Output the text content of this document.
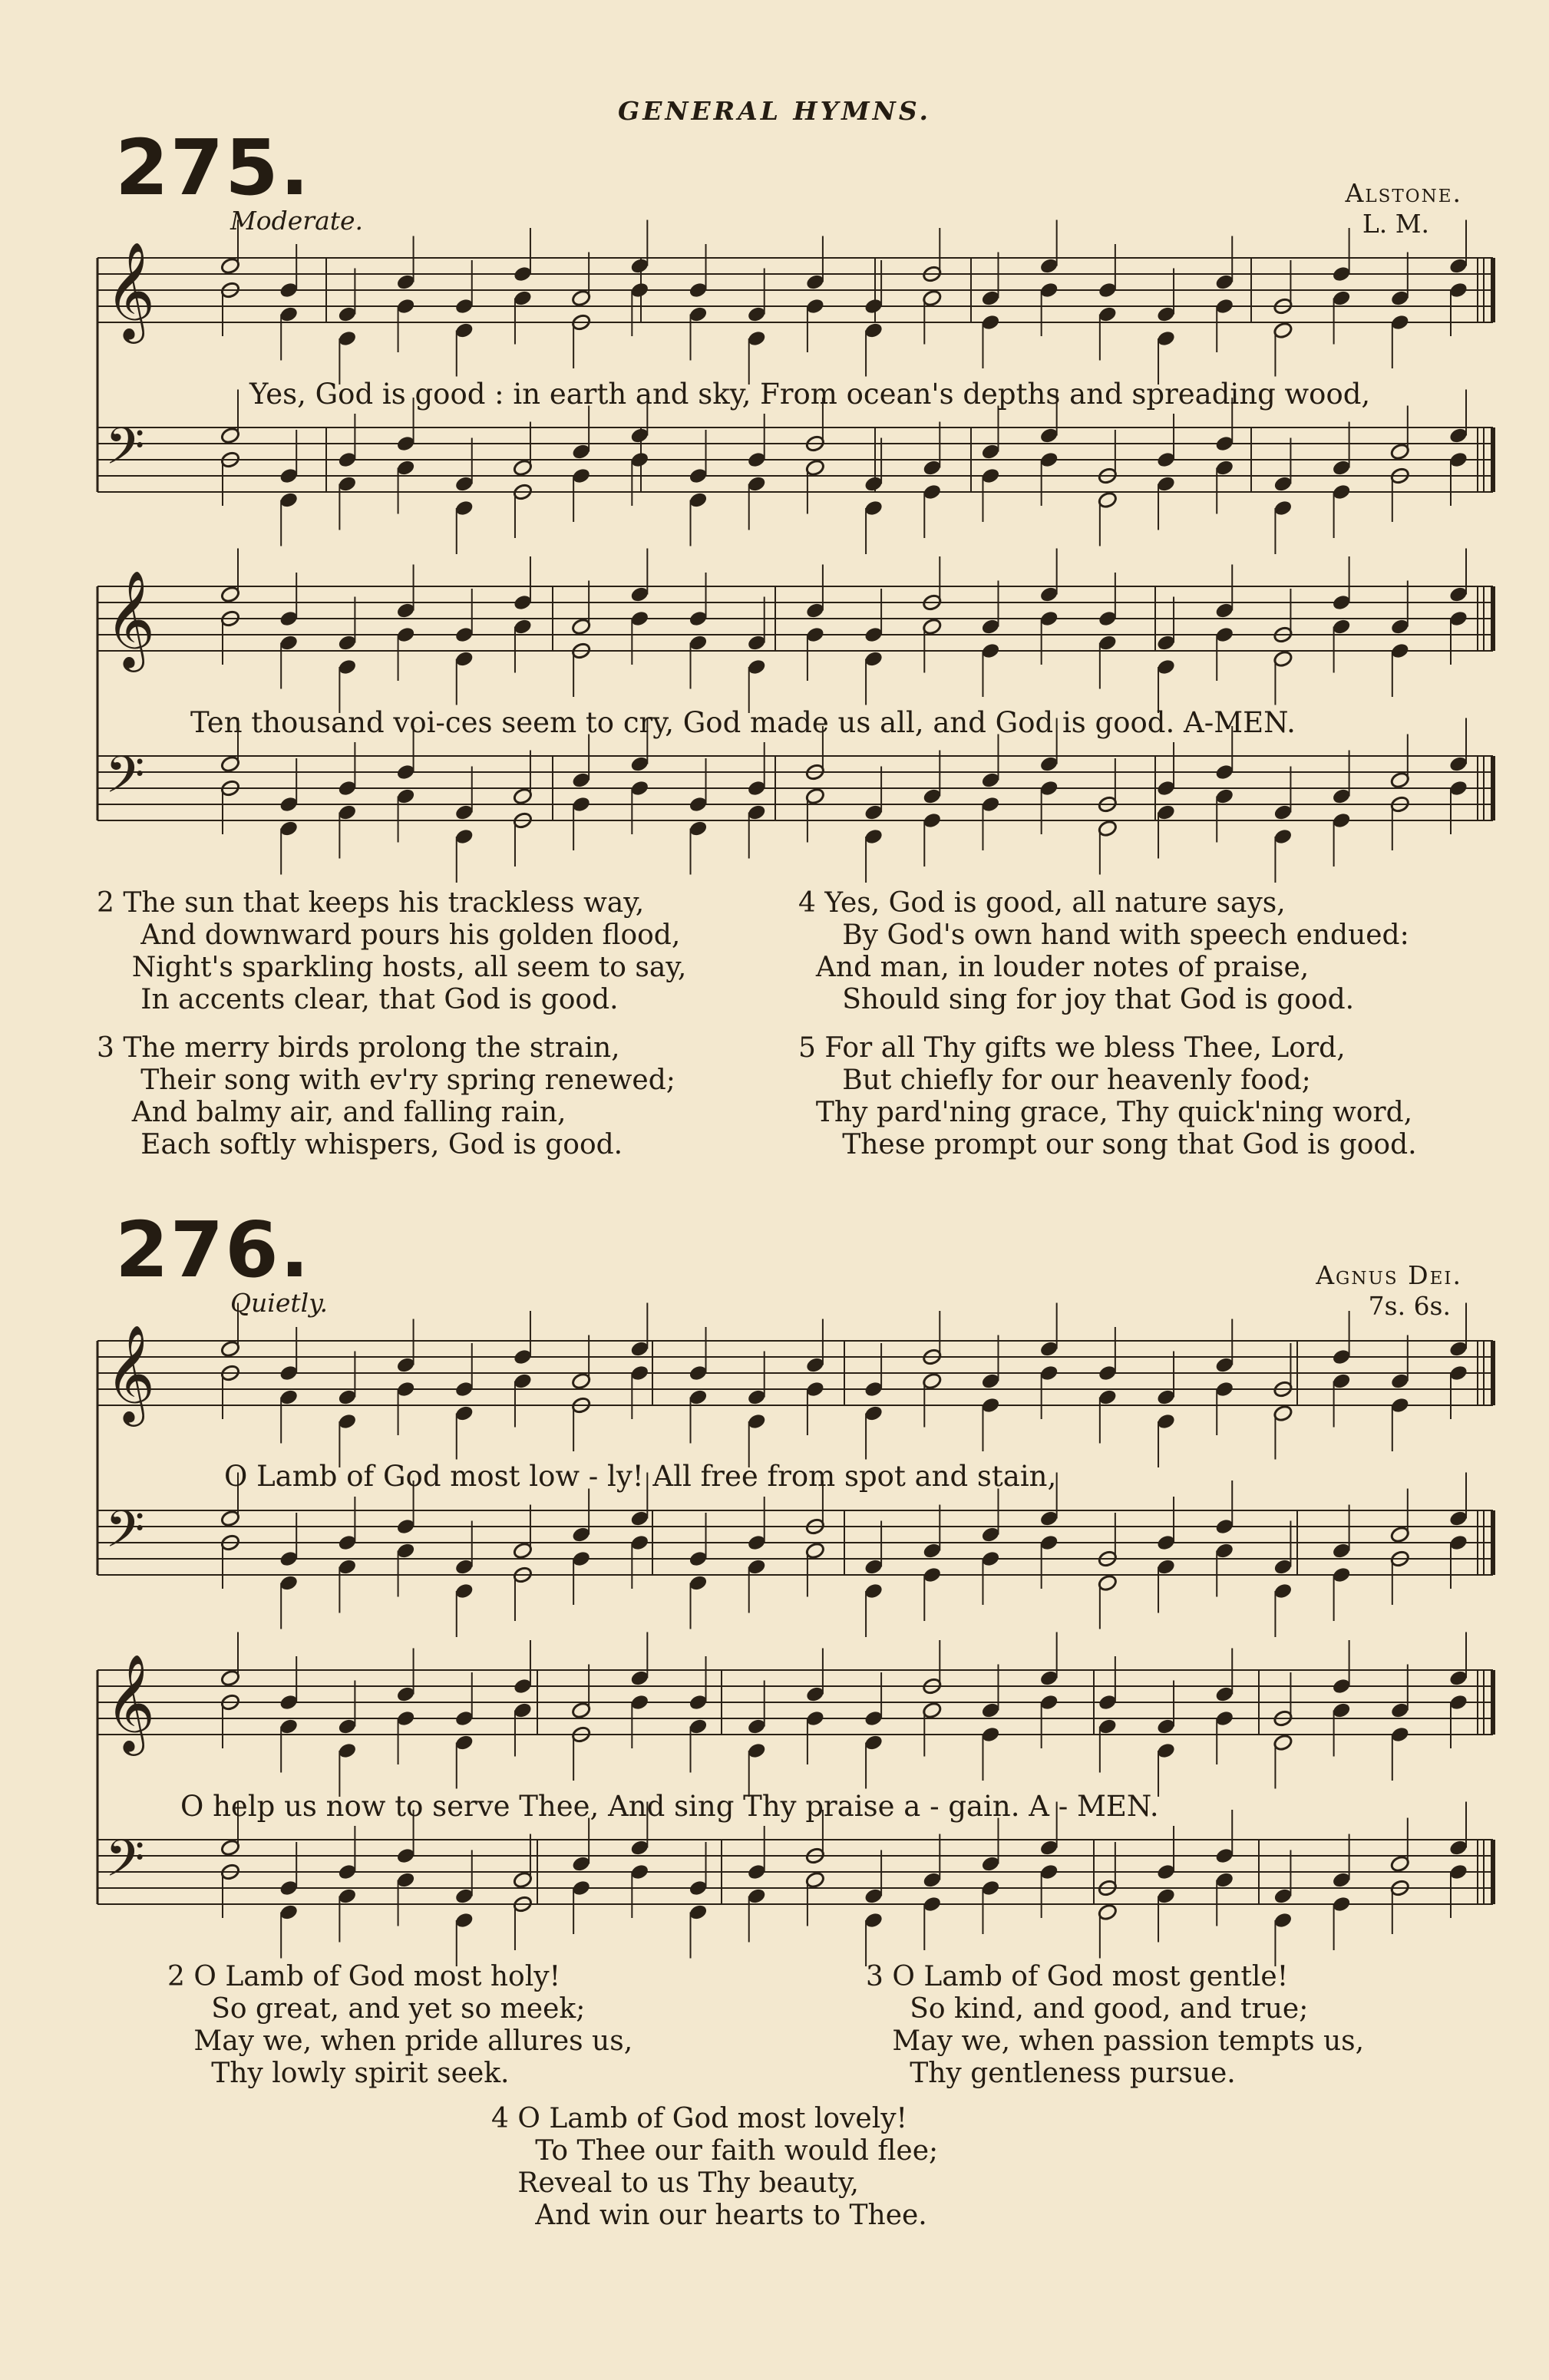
𝄞
𝄢
𝄞
𝄢
𝄞
𝄢
𝄞
𝄢
GENERAL HYMNS.
275.
Moderate.
Alstone.
L. M.
Yes, God is good : in earth and sky, From ocean's depths and spreading wood,
Ten thousand voi-ces seem to cry, God made us all, and God is good. A-MEN.
2 The sun that keeps his trackless way,
And downward pours his golden flood,
Night's sparkling hosts, all seem to say,
In accents clear, that God is good.
3 The merry birds prolong the strain,
Their song with ev'ry spring renewed;
And balmy air, and falling rain,
Each softly whispers, God is good.
4 Yes, God is good, all nature says,
By God's own hand with speech endued:
And man, in louder notes of praise,
Should sing for joy that God is good.
5 For all Thy gifts we bless Thee, Lord,
But chiefly for our heavenly food;
Thy pard'ning grace, Thy quick'ning word,
These prompt our song that God is good.
276.
Quietly.
Agnus Dei.
7s. 6s.
O Lamb of God most low - ly! All free from spot and stain,
O help us now to serve Thee, And sing Thy praise a - gain. A - MEN.
2 O Lamb of God most holy!
So great, and yet so meek;
May we, when pride allures us,
Thy lowly spirit seek.
3 O Lamb of God most gentle!
So kind, and good, and true;
May we, when passion tempts us,
Thy gentleness pursue.
4 O Lamb of God most lovely!
To Thee our faith would flee;
Reveal to us Thy beauty,
And win our hearts to Thee.
